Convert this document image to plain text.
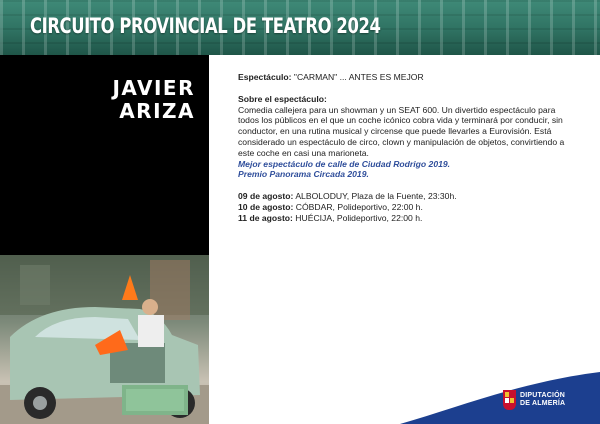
CIRCUITO PROVINCIAL DE TEATRO 2024
JAVIER
ARIZA

Espectáculo: "CARMAN" ... ANTES ES MEJOR

Sobre el espectáculo:

Comedia callejera para un showman y un SEAT 600. Un divertido espectáculo para todos los públicos en el que un coche icónico cobra vida y terminará por conducir, sin conductor, en una rutina musical y circense que puede llevarles a Eurovisión. Está considerado un espectáculo de circo, clown y manipulación de objetos, convirtiendo a este coche en casi una marioneta.

Mejor espectáculo de calle de Ciudad Rodrigo 2019.

Premio Panorama Circada 2019.

09 de agosto: ALBOLODUY, Plaza de la Fuente, 23:30h.

10 de agosto: CÓBDAR, Polideportivo, 22:00 h.

11 de agosto: HUÉCIJA, Polideportivo, 22:00 h.

DIPUTACIÓN
DE ALMERÍA
